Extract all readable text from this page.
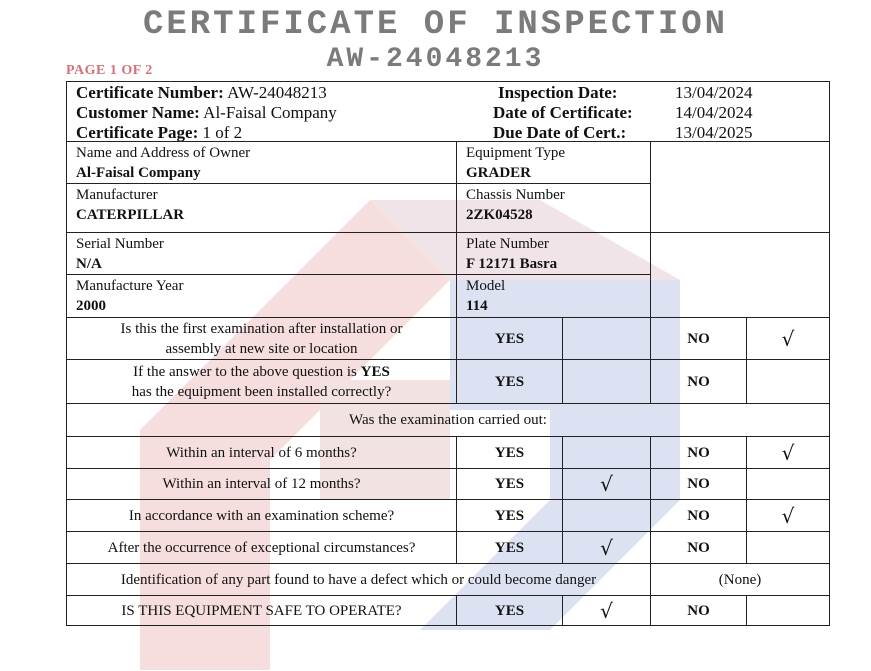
CERTIFICATE OF INSPECTION
AW-24048213
PAGE 1 OF 2
Certificate Number: AW-24048213
Customer Name: Al-Faisal Company
Certificate Page: 1 of 2
Inspection Date:	13/04/2024
Date of Certificate: 14/04/2024
Due Date of Cert.:	13/04/2025
Name and Address of Owner
Al-Faisal Company
Equipment Type
GRADER
Manufacturer
CATERPILLAR
Chassis Number
2ZK04528
Serial Number
N/A
Plate Number
F 12171 Basra
Manufacture Year
2000
Model
114
Is this the first examination after installation or
assembly at new site or location
YES	NO	√
If the answer to the above question is YES
has the equipment been installed correctly?
YES	NO
Was the examination carried out:
Within an interval of 6 months?	YES	NO	√
Within an interval of 12 months?	YES	√	NO
In accordance with an examination scheme?	YES	NO	√
After the occurrence of exceptional circumstances?	YES	√	NO
Identification of any part found to have a defect which or could become danger	(None)
IS THIS EQUIPMENT SAFE TO OPERATE?	YES	√	NO
